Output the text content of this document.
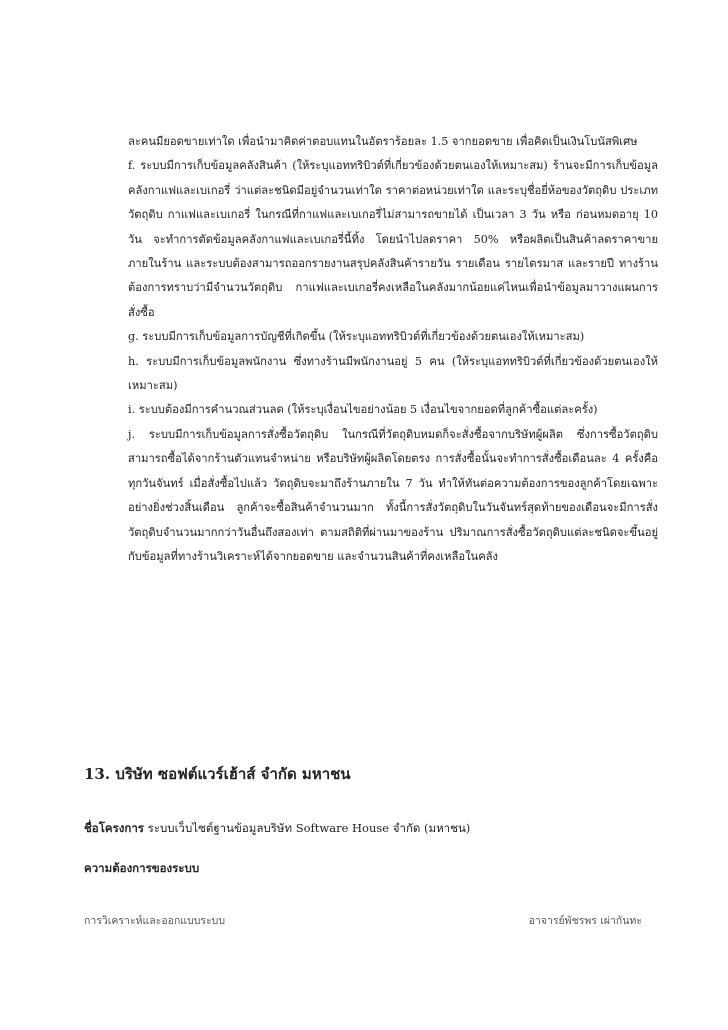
ละคนมียอดขายเท่าใด เพื่อนำมาคิดค่าตอบแทนในอัตราร้อยละ 1.5 จากยอดขาย เพื่อคิดเป็นเงินโบนัสพิเศษ

f. ระบบมีการเก็บข้อมูลคลังสินค้า (ให้ระบุแอททริบิวต์ที่เกี่ยวข้องด้วยตนเองให้เหมาะสม) ร้านจะมีการเก็บข้อมูลคลังกาแฟและเบเกอรี่ ว่าแต่ละชนิดมีอยู่จำนวนเท่าใด ราคาต่อหน่วยเท่าใด และระบุชื่อยี่ห้อของวัตถุดิบ ประเภทวัตถุดิบ กาแฟและเบเกอรี่ ในกรณีที่กาแฟและเบเกอรี่ไม่สามารถขายได้ เป็นเวลา 3 วัน หรือ ก่อนหมดอายุ 10 วัน จะทำการตัดข้อมูลคลังกาแฟและเบเกอรี่นี้ทิ้ง โดยนำไปลดราคา 50% หรือผลิตเป็นสินค้าลดราคาขายภายในร้าน และระบบต้องสามารถออกรายงานสรุปคลังสินค้ารายวัน รายเดือน รายไตรมาส และรายปี ทางร้านต้องการทราบว่ามีจำนวนวัตถุดิบ กาแฟและเบเกอรี่คงเหลือในคลังมากน้อยแค่ไหนเพื่อนำข้อมูลมาวางแผนการสั่งซื้อ

g. ระบบมีการเก็บข้อมูลการบัญชีที่เกิดขึ้น (ให้ระบุแอททริบิวต์ที่เกี่ยวข้องด้วยตนเองให้เหมาะสม)

h. ระบบมีการเก็บข้อมูลพนักงาน ซึ่งทางร้านมีพนักงานอยู่ 5 คน (ให้ระบุแอททริบิวต์ที่เกี่ยวข้องด้วยตนเองให้เหมาะสม)

i. ระบบต้องมีการคำนวณส่วนลด (ให้ระบุเงื่อนไขอย่างน้อย 5 เงื่อนไขจากยอดที่ลูกค้าซื้อแต่ละครั้ง)

j. ระบบมีการเก็บข้อมูลการสั่งซื้อวัตถุดิบ ในกรณีที่วัตถุดิบหมดก็จะสั่งซื้อจากบริษัทผู้ผลิต ซึ่งการซื้อวัตถุดิบ สามารถซื้อได้จากร้านตัวแทนจำหน่าย หรือบริษัทผู้ผลิตโดยตรง การสั่งซื้อนั้นจะทำการสั่งซื้อเดือนละ 4 ครั้งคือทุกวันจันทร์ เมื่อสั่งซื้อไปแล้ว วัตถุดิบจะมาถึงร้านภายใน 7 วัน ทำให้ทันต่อความต้องการของลูกค้าโดยเฉพาะอย่างยิ่งช่วงสิ้นเดือน ลูกค้าจะซื้อสินค้าจำนวนมาก ทั้งนี้การสั่งวัตถุดิบในวันจันทร์สุดท้ายของเดือนจะมีการสั่งวัตถุดิบจำนวนมากกว่าวันอื่นถึงสองเท่า ตามสถิติที่ผ่านมาของร้าน ปริมาณการสั่งซื้อวัตถุดิบแต่ละชนิดจะขึ้นอยู่กับข้อมูลที่ทางร้านวิเคราะห์ได้จากยอดขาย และจำนวนสินค้าที่คงเหลือในคลัง

13. บริษัท ซอฟต์แวร์เฮ้าส์ จำกัด มหาชน
ชื่อโครงการ ระบบเว็บไซต์ฐานข้อมูลบริษัท Software House จำกัด (มหาชน)
ความต้องการของระบบ
การวิเคราะห์และออกแบบระบบ	อาจารย์พัชรพร เผ่ากันทะ
